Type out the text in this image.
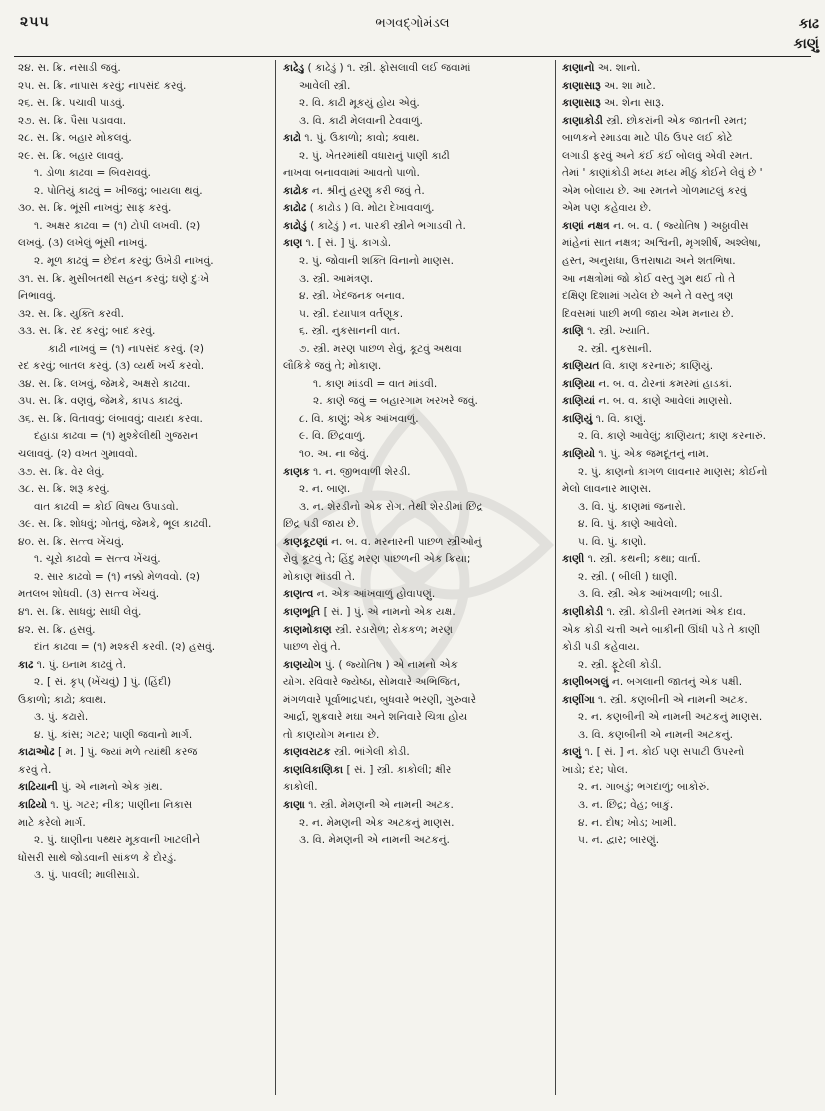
૨૫૫	ભગવદ્ગોમંડલ	કાઢ
કાણું
૨૪. સ. ક્રિ. નસાડી જવું.
૨૫. સ. ક્રિ. નાપાસ કરવું; નાપસંદ કરવું.
૨૬. સ. ક્રિ. પચાવી પાડવું.
૨૭. સ. ક્રિ. પૈસા પડાવવા.
૨૮. સ. ક્રિ. બહાર મોકલવું.
૨૯. સ. ક્રિ. બહાર લાવવું.
૧. ડોળા કાઢવા = બિવરાવવું.
૨. પોતિયું કાઢવું = ખીજવું; બાયલા થવું.
૩૦. સ. ક્રિ. ભૂંસી નાખવું; સાફ કરવું.
૧. અક્ષર કાઢવા = (૧) ટોપી લખવી. (૨)
લખવું. (૩) લખેલું ભૂંસી નાખવું.
૨. મૂળ કાઢવું = છેદન કરવું; ઉખેડી નાખવું.
૩૧. સ. ક્રિ. મુસીબતથી સહન કરવું; ઘણે દુઃખે
નિભાવવું.
૩૨. સ. ક્રિ. યુક્તિ કરવી.
૩૩. સ. ક્રિ. રદ કરવું; બાદ કરવું.
કાઢી નાખવું = (૧) નાપસંદ કરવું. (૨)
રદ કરવું; બાતલ કરવું. (૩) વ્યર્થ ખર્ચ કરવો.
૩૪. સ. ક્રિ. લખવું, જેમકે, અક્ષરો કાઢવા.
૩૫. સ. ક્રિ. વણવું, જેમકે, કાપડ કાઢવું.
૩૬. સ. ક્રિ. વિતાવવું; લંબાવવું; વાયદા કરવા.
દહાડા કાઢવા = (૧) મુશ્કેલીથી ગુજરાન
ચલાવવું. (૨) વખત ગુમાવવો.
૩૭. સ. ક્રિ. વેર લેવું.
૩૮. સ. ક્રિ. શરૂ કરવું.
વાત કાઢવી = કોઈ વિષય ઉપાડવો.
૩૯. સ. ક્રિ. શોધવું; ગોતવું, જેમકે, ભૂલ કાઢવી.
૪૦. સ. ક્રિ. સત્ત્વ ખેંચવું.
૧. ચૂરો કાઢવો = સત્ત્વ ખેંચવું.
૨. સાર કાઢવો = (૧) નક્કો મેળવવો. (૨)
મતલબ શોધવી. (૩) સત્ત્વ ખેંચવું.
૪૧. સ. ક્રિ. સાધવું; સાધી લેવું.
૪૨. સ. ક્રિ. હસવું.
દાંત કાઢવા = (૧) મશ્કરી કરવી. (૨) હસવું.
કાઢ ૧. પું. ઇનામ કાઢવું તે.
૨. [ સં. કૃપ્ (ખેંચવું) ] પું. (હિંદી)
ઉકાળો; કાઢો; ક્વાથ.
૩. પું. કઢારો.
૪. પું. કાંસ; ગટર; પાણી જવાનો માર્ગ.
કાઢાઓઢ [ મ. ] પું. જ્યાં મળે ત્યાંથી કરજ
કરવું તે.
કાઢિયાની પું. એ નામનો એક ગ્રંથ.
કાઢિયો ૧. પું. ગટર; નીક; પાણીના નિકાસ
માટે કરેલો માર્ગ.
૨. પું. ઘાણીના પથ્થર મૂકવાની ખાટલીને
ધોંસરી સાથે જોડવાની સાંકળ કે દોરડું.
૩. પું. પાવલી; માલીસાડો.
કાઢેડુ ( કાઢેડું ) ૧. સ્ત્રી. ફોસલાવી લઈ જવામાં
આવેલી સ્ત્રી.
૨. વિ. કાઢી મૂકયું હોય એવું.
૩. વિ. કાઢી મેલવાની ટેવવાળું.
કાઢો ૧. પું. ઉકાળો; કાવો; ક્વાથ.
૨. પું. ખેતરમાંથી વધારાનું પાણી કાઢી
નાખવા બનાવવામાં આવતો પાળો.
કાઢોક ન. શ્રીનું હરણુ કરી જવું તે.
કાઢોઢ ( કાઢોડ ) વિ. મોટા દેખાવવાળું.
કાઢોડું ( કાઢેડું ) ન. પારકી સ્ત્રીને ભગાડવી તે.
કાણ ૧. [ સં. ] પું. કાગડો.
૨. પું. જોવાની શક્તિ વિનાનો માણસ.
૩. સ્ત્રી. આમંત્રણ.
૪. સ્ત્રી. ખેદજનક બનાવ.
૫. સ્ત્રી. દયાપાત્ર વર્તણૂક.
૬. સ્ત્રી. નુકસાનની વાત.
૭. સ્ત્રી. મરણ પાછળ રોવું, કૂટવું અથવા
લૌકિકે જવું તે; મોકાણ.
૧. કાણ માંડવી = વાત માંડવી.
૨. કાણે જવું = બહારગામ ખરખરે જવું.
૮. વિ. કાણું; એક આંખવાળું.
૯. વિ. છિદ્રવાળું.
૧૦. અ. ના જેવું.
કાણક ૧. ન. જીભવાળી શેરડી.
૨. ન. બાણ.
૩. ન. શેરડીનો એક રોગ. તેથી શેરડીમાં છિદ્ર
છિદ્ર પડી જાય છે.
કાણકૂટણાં ન. બ. વ. મરનારની પાછળ સ્ત્રીઓનું
રોવું કૂટવું તે; હિંદુ મરણ પાછળની એક ક્રિયા;
મોકાણ માંડવી તે.
કાણત્વ ન. એક આંખવાળું હોવાપણું.
કાણભૂતિ [ સં. ] પું. એ નામનો એક યક્ષ.
કાણમોકાણ સ્ત્રી. રડારોળ; રોકકળ; મરણ
પાછળ રોવું તે.
કાણયોગ પું. ( જ્યોતિષ ) એ નામનો એક
યોગ. રવિવારે જ્યેષ્ઠા, સોમવારે અભિજિત,
મંગળવારે પૂર્વાભાદ્રપદા, બુધવારે ભરણી, ગુરુવારે
આર્દ્રા, શુક્રવારે મઘા અને શનિવારે ચિત્રા હોય
તો કાણયોગ મનાય છે.
કાણવરાટક સ્ત્રી. ભાંગેલી કોડી.
કાણવિકાણિકા [ સં. ] સ્ત્રી. કાકોલી; ક્ષીર
કાકોલી.
કાણા ૧. સ્ત્રી. મેમણની એ નામની અટક.
૨. ન. મેમણની એક અટકનું માણસ.
૩. વિ. મેમણની એ નામની અટકનું.
કાણાનો અ. શાનો.
કાણાસારૂ અ. શા માટે.
કાણાસારૂ અ. શેના સારૂ.
કાણાકોડી સ્ત્રી. છોકરાંની એક જાતની રમત;
બાળકને રમાડવા માટે પીઠ ઉપર લઈ કોટે
લગાડી ફરવું અને કંઈ કંઈ બોલવું એવી રમત.
તેમાં ' કાણાંકોડી મધ્ય મધ્ય મીઠું કોઈને લેવું છે '
એમ બોલાય છે. આ રમતને ગોળમાટલું કરવું
એમ પણ કહેવાય છે.
કાણાં નક્ષત્ર ન. બ. વ. ( જ્યોતિષ ) અઠ્ઠાવીસ
માંહેનાં સાત નક્ષત્ર; અશ્વિની, મૃગશીર્ષ, અશ્લેષા,
હસ્ત, અનુરાધા, ઉત્તરાષાઢા અને શતભિષા.
આ નક્ષત્રોમાં જો કોઈ વસ્તુ ગુમ થઈ તો તે
દક્ષિણ દિશામાં ગયેલ છે અને તે વસ્તુ ત્રણ
દિવસમાં પાછી મળી જાય એમ મનાય છે.
કાણિ ૧. સ્ત્રી. ખ્યાતિ.
૨. સ્ત્રી. નુકસાની.
કાણિયત વિ. કાણ કરનારું; કાણિયું.
કાણિયા ન. બ. વ. ઢોરનાં કમરમાં હાડકાં.
કાણિયાં ન. બ. વ. કાણે આવેલાં માણસો.
કાણિયું ૧. વિ. કાણું.
૨. વિ. કાણે આવેલું; કાણિયત; કાણ કરનારું.
કાણિયો ૧. પું. એક જમદૂતનું નામ.
૨. પું. કાણનો કાગળ લાવનાર માણસ; કોઈનો
મેલો લાવનાર માણસ.
૩. વિ. પું. કાણમાં જનારો.
૪. વિ. પું. કાણે આવેલો.
૫. વિ. પું. કાણો.
કાણી ૧. સ્ત્રી. કથની; કથા; વાર્તા.
૨. સ્ત્રી. ( બીલી ) ઘાણી.
૩. વિ. સ્ત્રી. એક આંખવાળી; બાડી.
કાણીકોડી ૧. સ્ત્રી. કોડીની રમતમાં એક દાવ.
એક કોડી ચત્તી અને બાકીની ઊંધી પડે તે કાણી
કોડી પડી કહેવાય.
૨. સ્ત્રી. ફૂટેલી કોડી.
કાણીબગલું ન. બગલાની જાતનું એક પક્ષી.
કાણીંગા ૧. સ્ત્રી. કણબીની એ નામની અટક.
૨. ન. કણબીની એ નામની અટકનું માણસ.
૩. વિ. કણબીની એ નામની અટકનું.
કાણું ૧. [ સં. ] ન. કોઈ પણ સપાટી ઉપરનો
ખાડો; દર; પોલ.
૨. ન. ગાબડું; ભગદાળું; બાકોરું.
૩. ન. છિદ્ર; વેહ; બાકું.
૪. ન. દોષ; ખોડ; ખામી.
૫. ન. દ્વાર; બારણું.
